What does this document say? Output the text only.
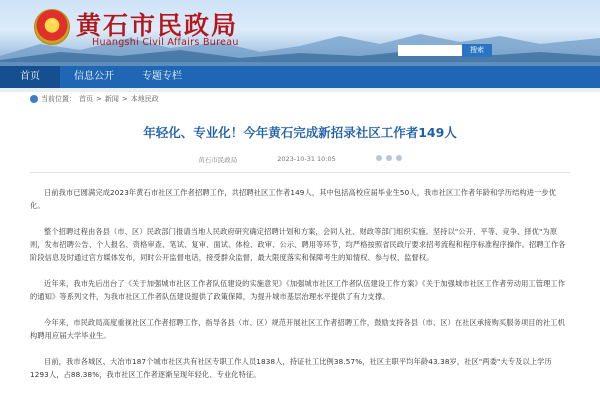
★ 黄石市民政局
Huangshi Civil Affairs Bureau
首页	信息公开	专题专栏
搜索
当前位置： 首页 > 新闻 > 本地民政
年轻化、专业化！今年黄石完成新招录社区工作者149人
黄石市民政局	2023-10-31 10:05

日前我市已圆满完成2023年黄石市社区工作者招聘工作，共招聘社区工作者149人，其中包括高校应届毕业生50人，我市社区工作者年龄和学历结构进一步优化。

整个招聘过程由各县（市、区）民政部门报请当地人民政府研究确定招聘计划和方案，会同人社、财政等部门组织实施。坚持以"公开、平等、竞争、择优"为原则，发布招聘公告、个人报名、资格审查、笔试、复审、面试、体检、政审、公示、聘用等环节，均严格按照省民政厅要求招考流程和程序标准程序操作。招聘工作各阶段信息及时通过官方媒体发布，同时公开监督电话，接受群众监督，最大限度落实和保障考生的知情权、参与权、监督权。

近年来，我市先后出台了《关于加强城市社区工作者队伍建设的实施意见》《加强城市社区工作者队伍建设工作方案》《关于加强城市社区工作者劳动用工管理工作的通知》等系列文件，为我市社区工作者队伍建设提供了政策保障，为提升城市基层治理水平提供了有力支撑。

今年来，市民政局高度重视社区工作者招聘工作，指导各县（市、区）规范开展社区工作者招聘工作，鼓励支持各县（市、区）在社区承接购买服务项目的社工机构聘用应届大学毕业生。

目前，我市各城区、大冶市187个城市社区共有社区专职工作人员1838人，持证社工比例38.57%，社区主职平均年龄43.38岁，社区"两委"大专及以上学历1293人，占88.38%，我市社区工作者逐渐呈现年轻化、专业化特征。
